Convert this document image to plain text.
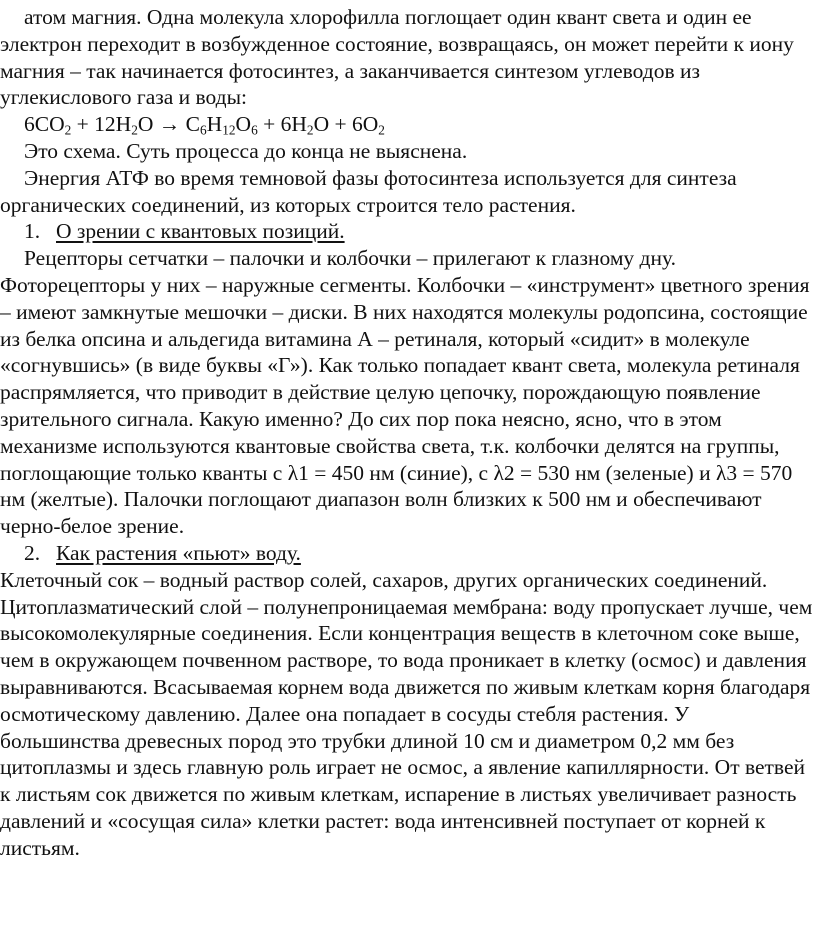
атом магния. Одна молекула хлорофилла поглощает один квант света и один ее электрон переходит в возбужденное состояние, возвращаясь, он может перейти к иону магния – так начинается фотосинтез, а заканчивается синтезом углеводов из углекислового газа и воды:

$6CO_2 + 12H_2O \to C_6H_{12}O_6 + 6H_2O + 6O_2$

Это схема. Суть процесса до конца не выяснена.

Энергия АТФ во время темновой фазы фотосинтеза используется для синтеза органических соединений, из которых строится тело растения.

1. О зрении с квантовых позиций.

Рецепторы сетчатки – палочки и колбочки – прилегают к глазному дну. Фоторецепторы у них – наружные сегменты. Колбочки – «инструмент» цветного зрения – имеют замкнутые мешочки – диски. В них находятся молекулы родопсина, состоящие из белка опсина и альдегида витамина А – ретиналя, который «сидит» в молекуле «согнувшись» (в виде буквы «Г»). Как только попадает квант света, молекула ретиналя распрямляется, что приводит в действие целую цепочку, порождающую появление зрительного сигнала. Какую именно? До сих пор пока неясно, ясно, что в этом механизме используются квантовые свойства света, т.к. колбочки делятся на группы, поглощающие только кванты с λ1 = 450 нм (синие), с λ2 = 530 нм (зеленые) и λ3 = 570 нм (желтые). Палочки поглощают диапазон волн близких к 500 нм и обеспечивают черно-белое зрение.

2. Как растения «пьют» воду.

Клеточный сок – водный раствор солей, сахаров, других органических соединений. Цитоплазматический слой – полунепроницаемая мембрана: воду пропускает лучше, чем высокомолекулярные соединения. Если концентрация веществ в клеточном соке выше, чем в окружающем почвенном растворе, то вода проникает в клетку (осмос) и давления выравниваются. Всасываемая корнем вода движется по живым клеткам корня благодаря осмотическому давлению. Далее она попадает в сосуды стебля растения. У большинства древесных пород это трубки длиной 10 см и диаметром 0,2 мм без цитоплазмы и здесь главную роль играет не осмос, а явление капиллярности. От ветвей к листьям сок движется по живым клеткам, испарение в листьях увеличивает разность давлений и «сосущая сила» клетки растет: вода интенсивней поступает от корней к листьям.
